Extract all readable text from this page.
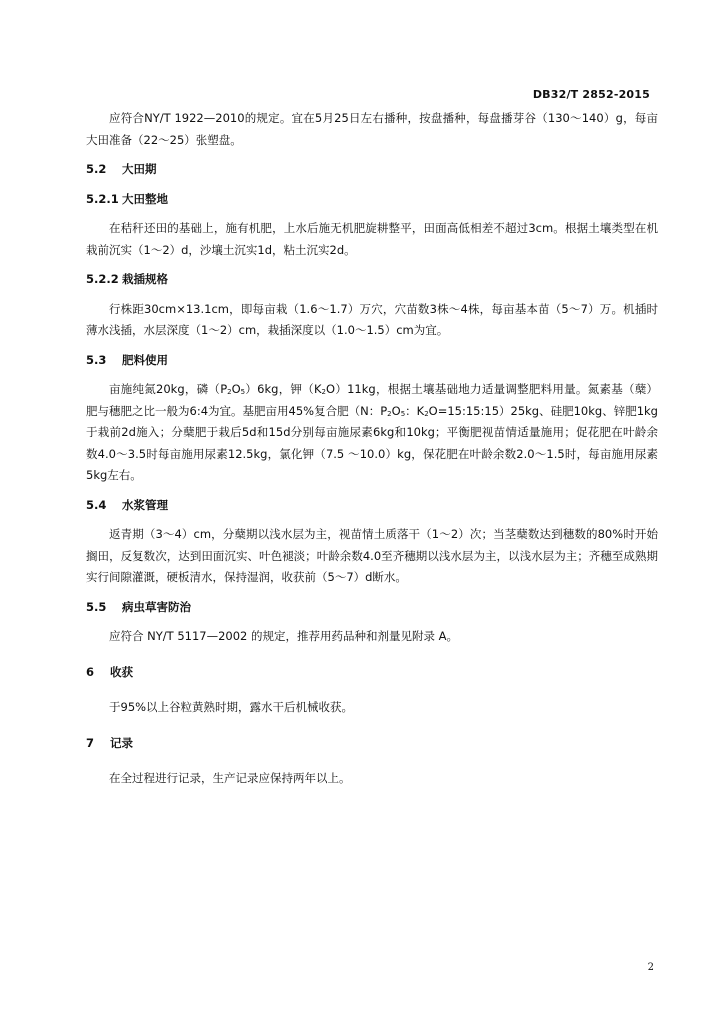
DB32/T 2852-2015

应符合NY/T 1922—2010的规定。宜在5月25日左右播种，按盘播种，每盘播芽谷（130～140）g，每亩大田准备（22～25）张塑盘。

5.2 大田期
5.2.1 大田整地

在秸秆还田的基础上，施有机肥，上水后施无机肥旋耕整平，田面高低相差不超过3cm。根据土壤类型在机栽前沉实（1～2）d，沙壤土沉实1d，粘土沉实2d。

5.2.2 栽插规格

行株距30cm×13.1cm，即每亩栽（1.6～1.7）万穴，穴苗数3株～4株，每亩基本苗（5～7）万。机插时薄水浅插，水层深度（1～2）cm，栽插深度以（1.0～1.5）cm为宜。

5.3 肥料使用

亩施纯氮20kg，磷$(P_2O_5)6kg$，钾$(K_2O)11kg$，根据土壤基础地力适量调整肥料用量。氮素基（蘖）肥与穗肥之比一般为6:4为宜。基肥亩用45%复合肥（N：$P_2O_5$：$K_2O=15:15:15)25kg$、硅肥10kg、锌肥1kg于栽前2d施入；分蘖肥于栽后5d和15d分别每亩施尿素6kg和10kg；平衡肥视苗情适量施用；促花肥在叶龄余数4.0～3.5时每亩施用尿素12.5kg，氯化钾（7.5 ～10.0）kg，保花肥在叶龄余数2.0～1.5时，每亩施用尿素5kg左右。

5.4 水浆管理

返青期（3～4）cm，分蘖期以浅水层为主，视苗情土质落干（1～2）次；当茎蘖数达到穗数的80%时开始搁田，反复数次，达到田面沉实、叶色褪淡；叶龄余数4.0至齐穗期以浅水层为主，以浅水层为主；齐穗至成熟期实行间隙灌溉，硬板清水，保持湿润，收获前（5～7）d断水。

5.5 病虫草害防治

应符合 NY/T 5117—2002 的规定，推荐用药品种和剂量见附录 A。

6 收获

于95%以上谷粒黄熟时期，露水干后机械收获。

7 记录

在全过程进行记录，生产记录应保持两年以上。

2
